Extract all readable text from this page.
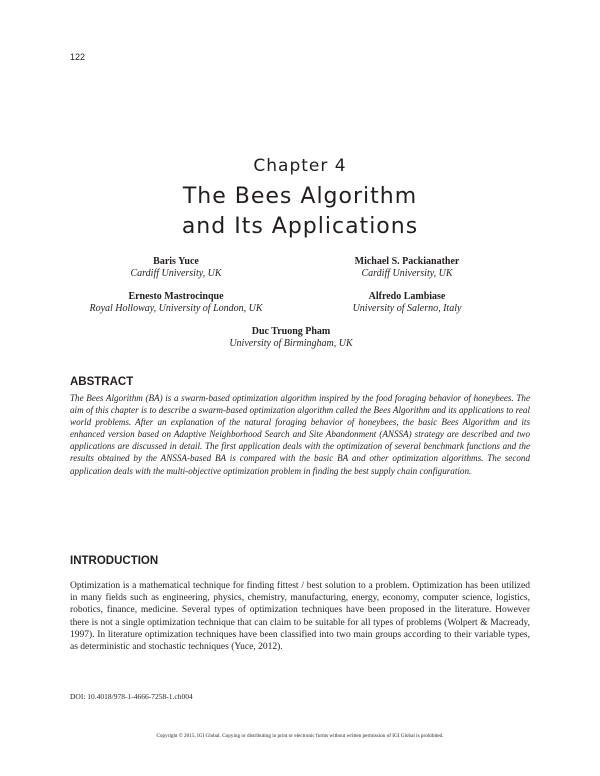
122
Chapter 4
The Bees Algorithm
and Its Applications
Baris Yuce
Cardiff University, UK
Michael S. Packianather
Cardiff University, UK
Ernesto Mastrocinque
Royal Holloway, University of London, UK
Alfredo Lambiase
University of Salerno, Italy
Duc Truong Pham
University of Birmingham, UK
ABSTRACT

The Bees Algorithm (BA) is a swarm-based optimization algorithm inspired by the food foraging behavior of honeybees. The aim of this chapter is to describe a swarm-based optimization algorithm called the Bees Algorithm and its applications to real world problems. After an explanation of the natural foraging behavior of honeybees, the basic Bees Algorithm and its enhanced version based on Adaptive Neighborhood Search and Site Abandonment (ANSSA) strategy are described and two applications are discussed in detail. The first application deals with the optimization of several benchmark functions and the results obtained by the ANSSA-based BA is compared with the basic BA and other optimization algorithms. The second application deals with the multi-objective optimization problem in finding the best supply chain configuration.

INTRODUCTION

Optimization is a mathematical technique for finding fittest / best solution to a problem. Optimization has been utilized in many fields such as engineering, physics, chemistry, manufacturing, energy, economy, computer science, logistics, robotics, finance, medicine. Several types of optimization techniques have been proposed in the literature. However there is not a single optimization technique that can claim to be suitable for all types of problems (Wolpert & Macready, 1997). In literature optimization techniques have been classified into two main groups according to their variable types, as deterministic and stochastic techniques (Yuce, 2012).

DOI: 10.4018/978-1-4666-7258-1.ch004
Copyright © 2015, IGI Global. Copying or distributing in print or electronic forms without written permission of IGI Global is prohibited.
